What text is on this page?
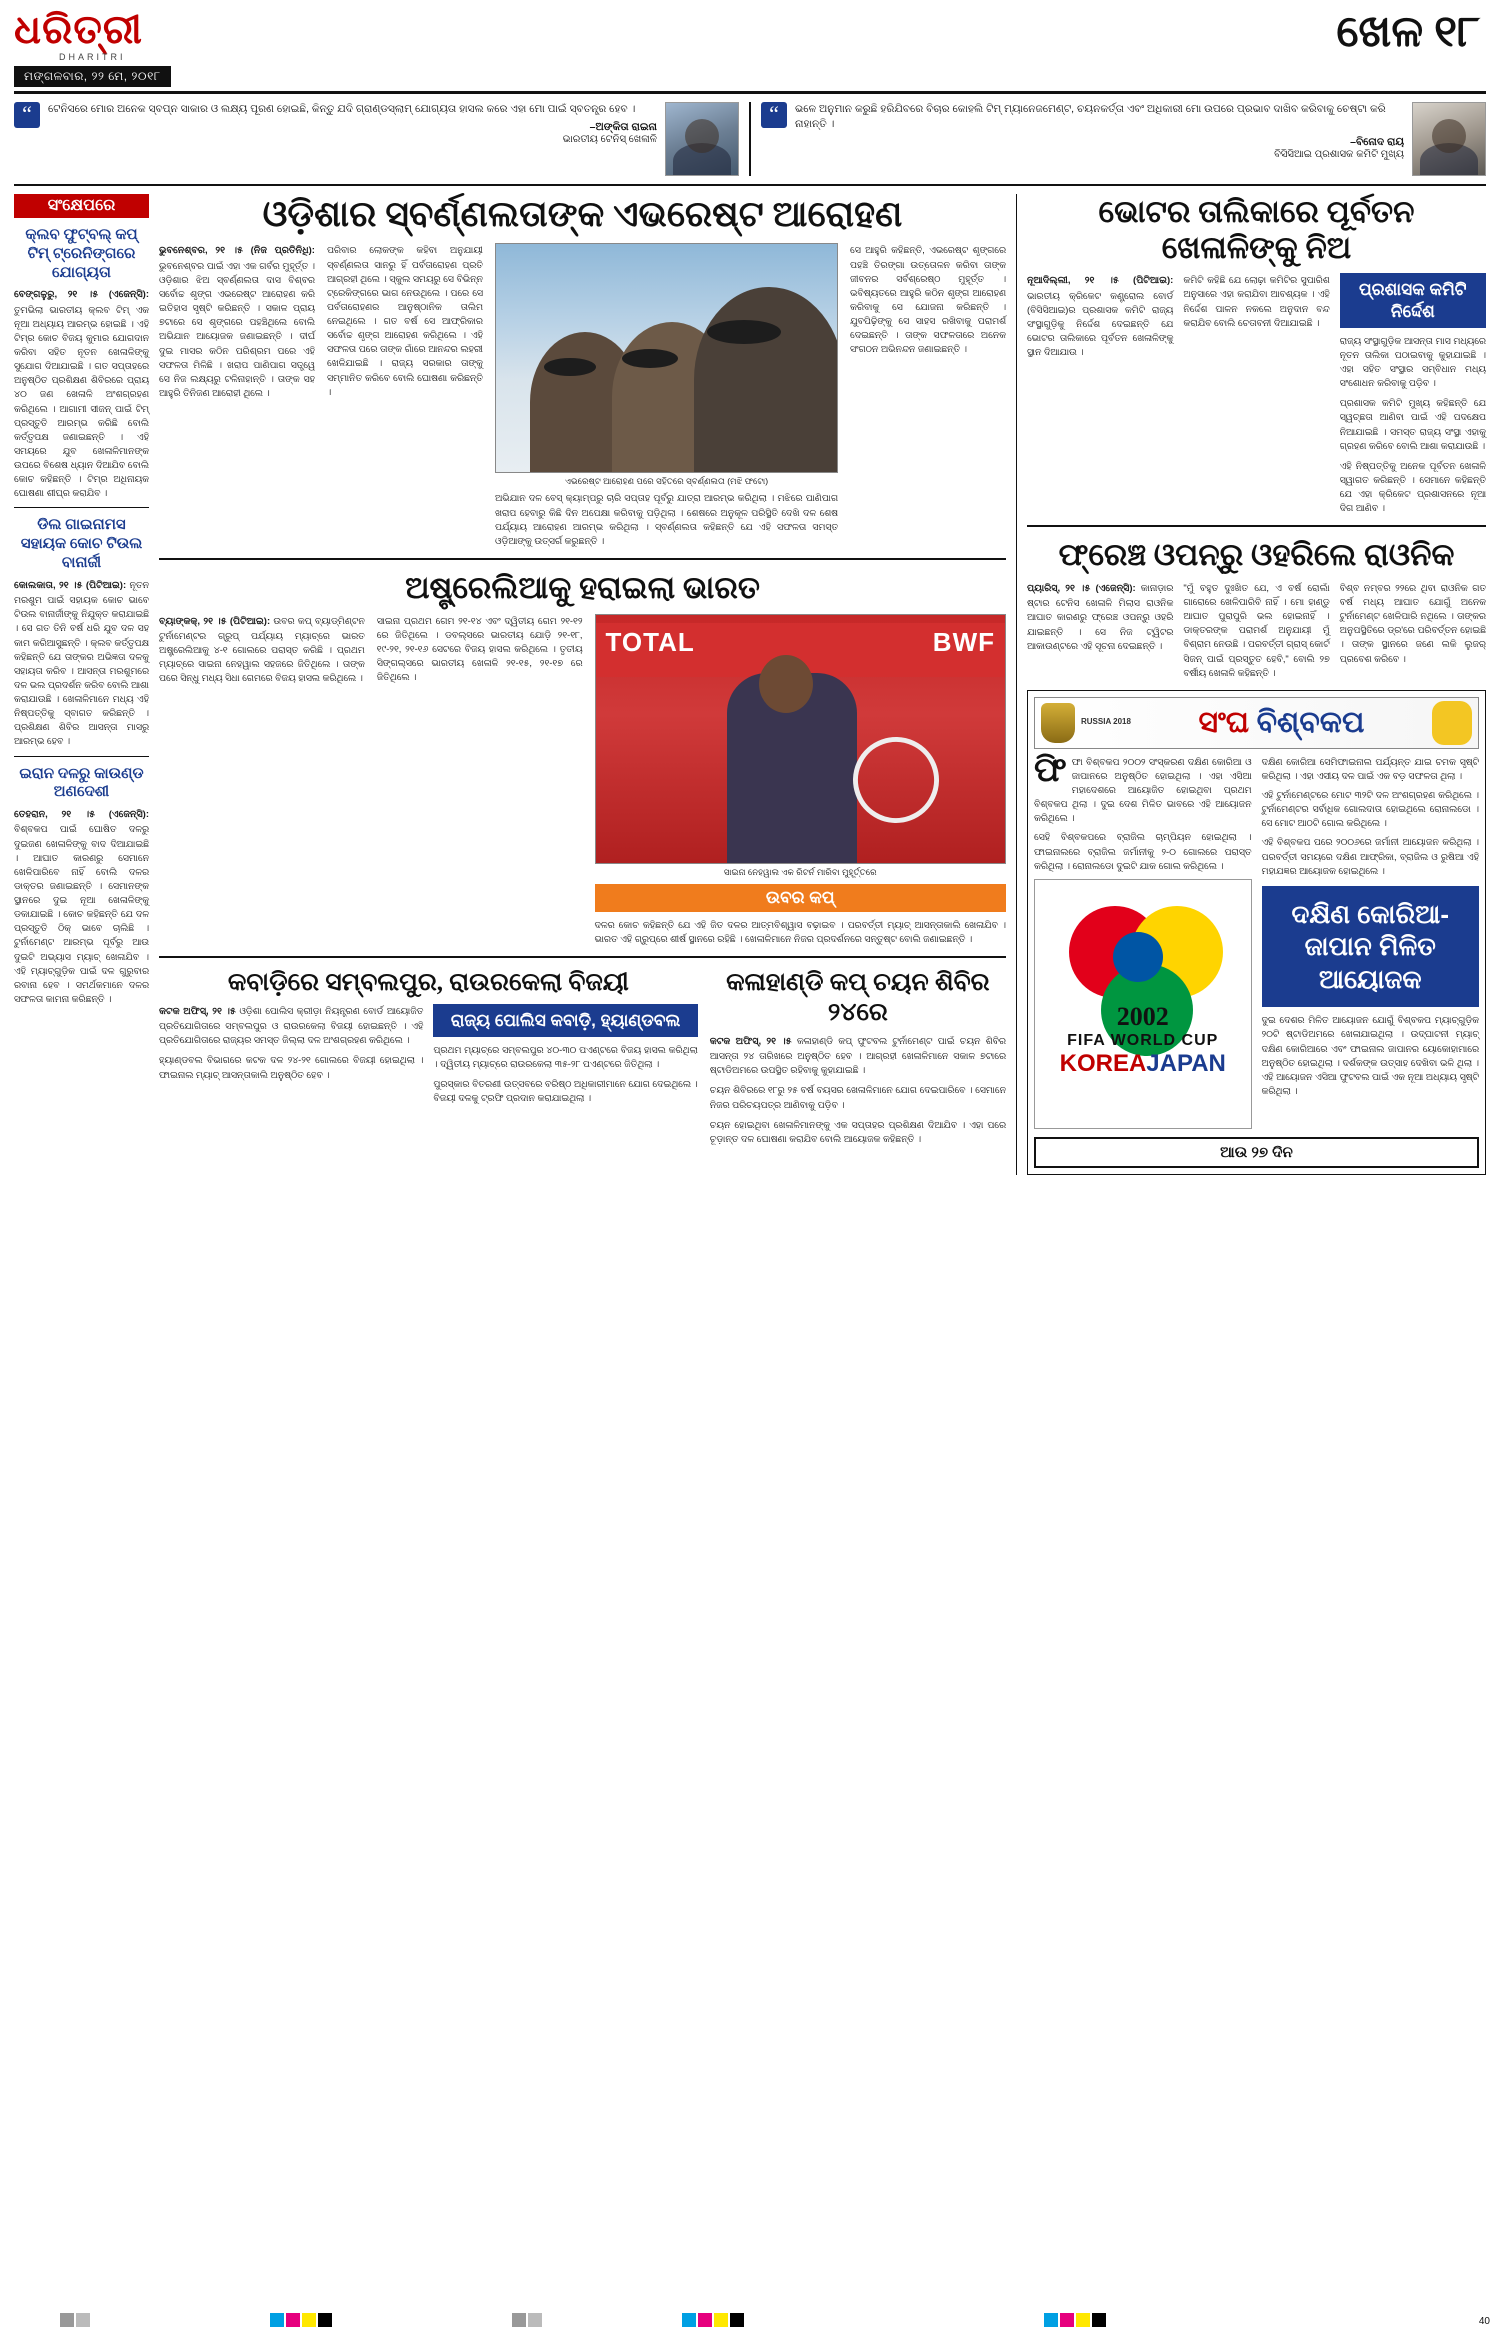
ଧରିତ୍ରୀ
DHARITRI
ମଙ୍ଗଳବାର, ୨୨ ମେ, ୨୦୧୮
ଖେଳ ୧୮
“	ଟେନିସରେ ମୋର ଅନେକ ସ୍ବପ୍ନ ସାକାର ଓ ଲକ୍ଷ୍ୟ ପୂରଣ ହୋଇଛି, କିନ୍ତୁ ଯଦି ଗ୍ରାଣ୍ଡସ୍ଲାମ୍ ଯୋଗ୍ୟତା ହାସଲ କରେ ଏହା ମୋ ପାଇଁ ସ୍ବତନ୍ତ୍ର ହେବ ।
–ଅଙ୍କିତା ରାଇନା
ଭାରତୀୟ ଟେନିସ୍ ଖେଳାଳି
“	ଭଳେ ଅନୁମାନ କରୁଛି ହରିଯିବରେ ବିଚାର କୋହଲି ଟିମ୍ ମ୍ୟାନେଜମେଣ୍ଟ, ଚୟନକର୍ତ୍ତା ଏବଂ ଅଧିକାରୀ ମୋ ଉପରେ ପ୍ରଭାବ ଦାଖିବ କରିବାକୁ ଚେଷ୍ଟା କରି ନାହାନ୍ତି ।
–ବିନୋଦ ରାୟ
ବିସିସିଆଇ ପ୍ରଶାସକ କମିଟି ମୁଖ୍ୟ
ସଂକ୍ଷେପରେ
କ୍ଲବ ଫୁଟ୍‌ବଲ୍‌ କପ୍‌ ଟିମ୍‌ ଟ୍ରେନିଙ୍ଗରେ ଯୋଗ୍ୟତା
ବେଙ୍ଗଳୁରୁ, ୨୧ ।୫ (ଏଜେନ୍ସି): ତୁମଭିଲା ଭାରତୀୟ କ୍ଲବ ଟିମ୍‌ ଏକ ନୂଆ ଅଧ୍ୟାୟ ଆରମ୍ଭ ହୋଇଛି । ଏହି ଟିମ୍‌ର କୋଚ ବିଜୟ କୁମାର ଯୋଗଦାନ କରିବା ସହିତ ନୂତନ ଖେଳାଳିଙ୍କୁ ସୁଯୋଗ ଦିଆଯାଇଛି । ଗତ ସପ୍ତାହରେ ଅନୁଷ୍ଠିତ ପ୍ରଶିକ୍ଷଣ ଶିବିରରେ ପ୍ରାୟ ୪୦ ଜଣ ଖେଳାଳି ଅଂଶଗ୍ରହଣ କରିଥିଲେ । ଆଗାମୀ ସୀଜନ୍ ପାଇଁ ଟିମ୍‌ ପ୍ରସ୍ତୁତି ଆରମ୍ଭ କରିଛି ବୋଲି କର୍ତ୍ତୃପକ୍ଷ ଜଣାଇଛନ୍ତି । ଏହି ସମୟରେ ଯୁବ ଖେଳାଳିମାନଙ୍କ ଉପରେ ବିଶେଷ ଧ୍ୟାନ ଦିଆଯିବ ବୋଲି କୋଚ କହିଛନ୍ତି । ଟିମ୍‌ର ଅଧିନାୟକ ଘୋଷଣା ଶୀଘ୍ର କରାଯିବ ।
ଡିଲ ଗାଇନାମସ ସହାୟକ କୋଚ ଟିଉଲ ବାନାର୍ଜୀ
କୋଲକାତା, ୨୧ ।୫ (ପିଟିଆଇ): ନୂତନ ମରଶୁମ ପାଇଁ ସହାୟକ କୋଚ ଭାବେ ଟିଉଲ ବାନାର୍ଜୀଙ୍କୁ ନିଯୁକ୍ତ କରାଯାଇଛି । ସେ ଗତ ତିନି ବର୍ଷ ଧରି ଯୁବ ଦଳ ସହ କାମ କରିଆସୁଛନ୍ତି । କ୍ଲବ କର୍ତ୍ତୃପକ୍ଷ କହିଛନ୍ତି ଯେ ତାଙ୍କର ଅଭିଜ୍ଞତା ଦଳକୁ ସହାୟତା କରିବ । ଆସନ୍ତା ମରଶୁମରେ ଦଳ ଭଲ ପ୍ରଦର୍ଶନ କରିବ ବୋଲି ଆଶା କରାଯାଉଛି । ଖେଳାଳିମାନେ ମଧ୍ୟ ଏହି ନିଷ୍ପତ୍ତିକୁ ସ୍ବାଗତ କରିଛନ୍ତି । ପ୍ରଶିକ୍ଷଣ ଶିବିର ଆସନ୍ତା ମାସରୁ ଆରମ୍ଭ ହେବ ।
ଇରାନ ଦଳରୁ କାଉଣ୍ଡ ଅଣଦେଶୀ
ତେହରାନ, ୨୧ ।୫ (ଏଜେନ୍ସି): ବିଶ୍ବକପ ପାଇଁ ଘୋଷିତ ଦଳରୁ ଦୁଇଜଣ ଖେଳାଳିଙ୍କୁ ବାଦ ଦିଆଯାଇଛି । ଆଘାତ କାରଣରୁ ସେମାନେ ଖେଳିପାରିବେ ନାହିଁ ବୋଲି ଦଳର ଡାକ୍ତର ଜଣାଇଛନ୍ତି । ସେମାନଙ୍କ ସ୍ଥାନରେ ଦୁଇ ନୂଆ ଖେଳାଳିଙ୍କୁ ଡକାଯାଇଛି । କୋଚ କହିଛନ୍ତି ଯେ ଦଳ ପ୍ରସ୍ତୁତି ଠିକ୍ ଭାବେ ଚାଲିଛି । ଟୁର୍ନାମେଣ୍ଟ ଆରମ୍ଭ ପୂର୍ବରୁ ଆଉ ଦୁଇଟି ଅଭ୍ୟାସ ମ୍ୟାଚ୍ ଖେଳାଯିବ । ଏହି ମ୍ୟାଚ୍‌ଗୁଡ଼ିକ ପାଇଁ ଦଳ ଗୁରୁବାର ରବାନା ହେବ । ସମର୍ଥକମାନେ ଦଳର ସଫଳତା କାମନା କରିଛନ୍ତି ।
ଓଡ଼ିଶାର ସ୍ବର୍ଣ୍ଣଲତାଙ୍କ ଏଭରେଷ୍ଟ ଆରୋହଣ
ଭୁବନେଶ୍ବର, ୨୧ ।୫ (ନିଜ ପ୍ରତିନିଧି): ଭୁବନେଶ୍ବର ପାଇଁ ଏହା ଏକ ଗର୍ବର ମୁହୂର୍ତ୍ତ । ଓଡ଼ିଶାର ଝିଅ ସ୍ବର୍ଣ୍ଣଲତା ଦାସ ବିଶ୍ବର ସର୍ବୋଚ୍ଚ ଶୃଙ୍ଗ ଏଭରେଷ୍ଟ ଆରୋହଣ କରି ଇତିହାସ ସୃଷ୍ଟି କରିଛନ୍ତି । ସକାଳ ପ୍ରାୟ ୭ଟାରେ ସେ ଶୃଙ୍ଗରେ ପହଞ୍ଚିଥିଲେ ବୋଲି ଅଭିଯାନ ଆୟୋଜକ ଜଣାଇଛନ୍ତି । ଦୀର୍ଘ ଦୁଇ ମାସର କଠିନ ପରିଶ୍ରମ ପରେ ଏହି ସଫଳତା ମିଳିଛି । ଖରାପ ପାଣିପାଗ ସତ୍ତ୍ୱେ ସେ ନିଜ ଲକ୍ଷ୍ୟରୁ ଟଳିନାହାନ୍ତି । ତାଙ୍କ ସହ ଆହୁରି ତିନିଜଣ ଆରୋହୀ ଥିଲେ ।
ପରିବାର ଲୋକଙ୍କ କହିବା ଅନୁଯାୟୀ ସ୍ବର୍ଣ୍ଣଲତା ସାନରୁ ହିଁ ପର୍ବତାରୋହଣ ପ୍ରତି ଆଗ୍ରହୀ ଥିଲେ । ସ୍କୁଲ ସମୟରୁ ସେ ବିଭିନ୍ନ ଟ୍ରେକିଙ୍ଗରେ ଭାଗ ନେଉଥିଲେ । ପରେ ସେ ପର୍ବତାରୋହଣର ଆନୁଷ୍ଠାନିକ ତାଲିମ ନେଇଥିଲେ । ଗତ ବର୍ଷ ସେ ଆଫ୍ରିକାର ସର୍ବୋଚ୍ଚ ଶୃଙ୍ଗ ଆରୋହଣ କରିଥିଲେ । ଏହି ସଫଳତା ପରେ ତାଙ୍କ ଗାଁରେ ଆନନ୍ଦର ଲହରୀ ଖେଳିଯାଇଛି । ରାଜ୍ୟ ସରକାର ତାଙ୍କୁ ସମ୍ମାନିତ କରିବେ ବୋଲି ଘୋଷଣା କରିଛନ୍ତି ।
ଏଭରେଷ୍ଟ ଆରୋହଣ ପରେ ସହିତରେ ସ୍ବର୍ଣ୍ଣଲତା (ମଝି ଫଟୋ)
ଅଭିଯାନ ଦଳ ବେସ୍ କ୍ୟାମ୍ପରୁ ଚାରି ସପ୍ତାହ ପୂର୍ବରୁ ଯାତ୍ରା ଆରମ୍ଭ କରିଥିଲା । ମଝିରେ ପାଣିପାଗ ଖରାପ ହେବାରୁ କିଛି ଦିନ ଅପେକ୍ଷା କରିବାକୁ ପଡ଼ିଥିଲା । ଶେଷରେ ଅନୁକୂଳ ପରିସ୍ଥିତି ଦେଖି ଦଳ ଶେଷ ପର୍ଯ୍ୟାୟ ଆରୋହଣ ଆରମ୍ଭ କରିଥିଲା । ସ୍ବର୍ଣ୍ଣଲତା କହିଛନ୍ତି ଯେ ଏହି ସଫଳତା ସମସ୍ତ ଓଡ଼ିଆଙ୍କୁ ଉତ୍ସର୍ଗ କରୁଛନ୍ତି ।
ସେ ଆହୁରି କହିଛନ୍ତି, ଏଭରେଷ୍ଟ ଶୃଙ୍ଗରେ ପହଞ୍ଚି ତିରଙ୍ଗା ଉତ୍ତୋଳନ କରିବା ତାଙ୍କ ଜୀବନର ସର୍ବଶ୍ରେଷ୍ଠ ମୁହୂର୍ତ୍ତ । ଭବିଷ୍ୟତରେ ଆହୁରି କଠିନ ଶୃଙ୍ଗ ଆରୋହଣ କରିବାକୁ ସେ ଯୋଜନା କରିଛନ୍ତି । ଯୁବପିଢ଼ିଙ୍କୁ ସେ ସାହସ ରଖିବାକୁ ପରାମର୍ଶ ଦେଇଛନ୍ତି । ତାଙ୍କ ସଫଳତାରେ ଅନେକ ସଂଗଠନ ଅଭିନନ୍ଦନ ଜଣାଇଛନ୍ତି ।
ଅଷ୍ଟ୍ରେଲିଆକୁ ହରାଇଲା ଭାରତ
ବ୍ୟାଙ୍କକ୍, ୨୧ ।୫ (ପିଟିଆଇ): ଉବର କପ୍ ବ୍ୟାଡ୍‌ମିଣ୍ଟନ ଟୁର୍ନାମେଣ୍ଟର ଗ୍ରୁପ୍ ପର୍ଯ୍ୟାୟ ମ୍ୟାଚ୍‌ରେ ଭାରତ ଅଷ୍ଟ୍ରେଲିଆକୁ ୪-୧ ଗୋଲରେ ପରାସ୍ତ କରିଛି । ପ୍ରଥମ ମ୍ୟାଚ୍‌ରେ ସାଇନା ନେହୱାଲ ସହଜରେ ଜିତିଥିଲେ । ତାଙ୍କ ପରେ ସିନ୍ଧୁ ମଧ୍ୟ ସିଧା ଗେମରେ ବିଜୟ ହାସଲ କରିଥିଲେ ।
ସାଇନା ପ୍ରଥମ ଗେମ ୨୧-୧୪ ଏବଂ ଦ୍ୱିତୀୟ ଗେମ ୨୧-୧୨ ରେ ଜିତିଥିଲେ । ଡବଲ୍ସରେ ଭାରତୀୟ ଯୋଡ଼ି ୨୧-୧୮, ୧୯-୨୧, ୨୧-୧୬ ସେଟରେ ବିଜୟ ହାସଲ କରିଥିଲେ । ତୃତୀୟ ସିଙ୍ଗଲ୍ସରେ ଭାରତୀୟ ଖେଳାଳି ୨୧-୧୫, ୨୧-୧୭ ରେ ଜିତିଥିଲେ ।
TOTAL	BWF
ସାଇନା ନେହୱାଲ ଏକ ରିଟର୍ନ ମାରିବା ମୁହୂର୍ତ୍ତରେ
ଉବର କପ୍
ଦଳର କୋଚ କହିଛନ୍ତି ଯେ ଏହି ଜିତ ଦଳର ଆତ୍ମବିଶ୍ୱାସ ବଢ଼ାଇବ । ପରବର୍ତ୍ତୀ ମ୍ୟାଚ୍ ଆସନ୍ତାକାଲି ଖେଳାଯିବ । ଭାରତ ଏହି ଗ୍ରୁପ୍‌ରେ ଶୀର୍ଷ ସ୍ଥାନରେ ରହିଛି । ଖେଳାଳିମାନେ ନିଜର ପ୍ରଦର୍ଶନରେ ସନ୍ତୁଷ୍ଟ ବୋଲି ଜଣାଇଛନ୍ତି ।
କବାଡ଼ିରେ ସମ୍ବଲପୁର, ରାଉରକେଲା ବିଜୟୀ
କଟକ ଅଫିସ୍, ୨୧ ।୫ ଓଡ଼ିଶା ପୋଲିସ କ୍ରୀଡ଼ା ନିୟନ୍ତ୍ରଣ ବୋର୍ଡ ଆୟୋଜିତ ପ୍ରତିଯୋଗିତାରେ ସମ୍ବଲପୁର ଓ ରାଉରକେଲା ବିଜୟୀ ହୋଇଛନ୍ତି । ଏହି ପ୍ରତିଯୋଗିତାରେ ରାଜ୍ୟର ସମସ୍ତ ଜିଲ୍ଲା ଦଳ ଅଂଶଗ୍ରହଣ କରିଥିଲେ ।
ହ୍ୟାଣ୍ଡବଲ ବିଭାଗରେ କଟକ ଦଳ ୨୪-୨୧ ଗୋଲରେ ବିଜୟୀ ହୋଇଥିଲା । ଫାଇନାଲ ମ୍ୟାଚ୍ ଆସନ୍ତାକାଲି ଅନୁଷ୍ଠିତ ହେବ ।
ରାଜ୍ୟ ପୋଲିସ କବାଡ଼ି, ହ୍ୟାଣ୍ଡବଲ
ପ୍ରଥମ ମ୍ୟାଚ୍‌ରେ ସମ୍ବଲପୁର ୪୦-୩୦ ପଏଣ୍ଟରେ ବିଜୟ ହାସଲ କରିଥିଲା । ଦ୍ୱିତୀୟ ମ୍ୟାଚ୍‌ରେ ରାଉରକେଲା ୩୫-୨୮ ପଏଣ୍ଟରେ ଜିତିଥିଲା ।
ପୁରସ୍କାର ବିତରଣୀ ଉତ୍ସବରେ ବରିଷ୍ଠ ଅଧିକାରୀମାନେ ଯୋଗ ଦେଇଥିଲେ । ବିଜୟୀ ଦଳକୁ ଟ୍ରଫି ପ୍ରଦାନ କରାଯାଇଥିଲା ।
କଳାହାଣ୍ଡି କପ୍ ଚୟନ ଶିବିର ୨୪ରେ
କଟକ ଅଫିସ୍, ୨୧ ।୫ କଳାହାଣ୍ଡି କପ୍ ଫୁଟବଲ ଟୁର୍ନାମେଣ୍ଟ ପାଇଁ ଚୟନ ଶିବିର ଆସନ୍ତା ୨୪ ତାରିଖରେ ଅନୁଷ୍ଠିତ ହେବ । ଆଗ୍ରହୀ ଖେଳାଳିମାନେ ସକାଳ ୭ଟାରେ ଷ୍ଟାଡିଅମରେ ଉପସ୍ଥିତ ରହିବାକୁ କୁହାଯାଇଛି ।
ଚୟନ ଶିବିରରେ ୧୮ରୁ ୨୫ ବର୍ଷ ବୟସର ଖେଳାଳିମାନେ ଯୋଗ ଦେଇପାରିବେ । ସେମାନେ ନିଜର ପରିଚୟପତ୍ର ଆଣିବାକୁ ପଡ଼ିବ ।
ଚୟନ ହୋଇଥିବା ଖେଳାଳିମାନଙ୍କୁ ଏକ ସପ୍ତାହର ପ୍ରଶିକ୍ଷଣ ଦିଆଯିବ । ଏହା ପରେ ଚୂଡ଼ାନ୍ତ ଦଳ ଘୋଷଣା କରାଯିବ ବୋଲି ଆୟୋଜକ କହିଛନ୍ତି ।
ଭୋଟର ତାଲିକାରେ ପୂର୍ବତନ ଖେଳାଳିଙ୍କୁ ନିଅ
ନୂଆଦିଲ୍ଲୀ, ୨୧ ।୫ (ପିଟିଆଇ): ଭାରତୀୟ କ୍ରିକେଟ କଣ୍ଟ୍ରୋଲ ବୋର୍ଡ (ବିସିସିଆଇ)ର ପ୍ରଶାସକ କମିଟି ରାଜ୍ୟ ସଂସ୍ଥାଗୁଡ଼ିକୁ ନିର୍ଦ୍ଦେଶ ଦେଇଛନ୍ତି ଯେ ଭୋଟର ତାଲିକାରେ ପୂର୍ବତନ ଖେଳାଳିଙ୍କୁ ସ୍ଥାନ ଦିଆଯାଉ ।
କମିଟି କହିଛି ଯେ ଲୋଢ଼ା କମିଟିର ସୁପାରିଶ ଅନୁସାରେ ଏହା କରାଯିବା ଆବଶ୍ୟକ । ଏହି ନିର୍ଦ୍ଦେଶ ପାଳନ ନକଲେ ଅନୁଦାନ ବନ୍ଦ କରାଯିବ ବୋଲି ଚେତାବନୀ ଦିଆଯାଇଛି ।
ପ୍ରଶାସକ କମିଟି ନିର୍ଦ୍ଦେଶ
ରାଜ୍ୟ ସଂସ୍ଥାଗୁଡ଼ିକ ଆସନ୍ତା ମାସ ମଧ୍ୟରେ ନୂତନ ତାଲିକା ପଠାଇବାକୁ କୁହାଯାଇଛି । ଏହା ସହିତ ସଂସ୍ଥାର ସମ୍ବିଧାନ ମଧ୍ୟ ସଂଶୋଧନ କରିବାକୁ ପଡ଼ିବ ।
ପ୍ରଶାସକ କମିଟି ମୁଖ୍ୟ କହିଛନ୍ତି ଯେ ସ୍ୱଚ୍ଛତା ଆଣିବା ପାଇଁ ଏହି ପଦକ୍ଷେପ ନିଆଯାଇଛି । ସମସ୍ତ ରାଜ୍ୟ ସଂସ୍ଥା ଏହାକୁ ଗ୍ରହଣ କରିବେ ବୋଲି ଆଶା କରାଯାଉଛି ।
ଏହି ନିଷ୍ପତ୍ତିକୁ ଅନେକ ପୂର୍ବତନ ଖେଳାଳି ସ୍ୱାଗତ କରିଛନ୍ତି । ସେମାନେ କହିଛନ୍ତି ଯେ ଏହା କ୍ରିକେଟ ପ୍ରଶାସନରେ ନୂଆ ଦିଗ ଆଣିବ ।
ଫ୍ରେଞ୍ଚ ଓପନ୍‌ରୁ ଓହରିଲେ ରାଓନିକ
ପ୍ୟାରିସ୍, ୨୧ ।୫ (ଏଜେନ୍ସି): କାନାଡ଼ାର ଷ୍ଟାର ଟେନିସ ଖେଳାଳି ମିଲାସ ରାଓନିକ ଆଘାତ କାରଣରୁ ଫ୍ରେଞ୍ଚ ଓପନ୍‌ରୁ ଓହରି ଯାଇଛନ୍ତି । ସେ ନିଜ ଟ୍ୱିଟର ଆକାଉଣ୍ଟରେ ଏହି ସୂଚନା ଦେଇଛନ୍ତି ।
"ମୁଁ ବହୁତ ଦୁଃଖିତ ଯେ, ଏ ବର୍ଷ ରୋଲାଁ ଗାରୋରେ ଖେଳିପାରିବି ନାହିଁ । ମୋ ହାଣ୍ଡୁ ଆଘାତ ପୁରାପୁରି ଭଲ ହୋଇନାହିଁ । ଡାକ୍ତରଙ୍କ ପରାମର୍ଶ ଅନୁଯାୟୀ ମୁଁ ବିଶ୍ରାମ ନେଉଛି । ପରବର୍ତ୍ତୀ ଗ୍ରାସ୍ କୋର୍ଟ ସିଜନ୍ ପାଇଁ ପ୍ରସ୍ତୁତ ହେବି," ବୋଲି ୨୭ ବର୍ଷୀୟ ଖେଳାଳି କହିଛନ୍ତି ।
ବିଶ୍ବ ନମ୍ବର ୨୨ରେ ଥିବା ରାଓନିକ ଗତ ବର୍ଷ ମଧ୍ୟ ଆଘାତ ଯୋଗୁଁ ଅନେକ ଟୁର୍ନାମେଣ୍ଟ ଖେଳିପାରି ନଥିଲେ । ତାଙ୍କର ଅନୁପସ୍ଥିତିରେ ଡ୍ର'ରେ ପରିବର୍ତ୍ତନ ହୋଇଛି । ତାଙ୍କ ସ୍ଥାନରେ ଜଣେ ଲକି ଲୁଜର୍ ପ୍ରବେଶ କରିବେ ।
RUSSIA 2018 ସଂଘ ବିଶ୍ବକପ
ଫିଫା ବିଶ୍ବକପ ୨୦୦୨ ସଂସ୍କରଣ ଦକ୍ଷିଣ କୋରିଆ ଓ ଜାପାନରେ ଅନୁଷ୍ଠିତ ହୋଇଥିଲା । ଏହା ଏସିଆ ମହାଦେଶରେ ଆୟୋଜିତ ହୋଇଥିବା ପ୍ରଥମ ବିଶ୍ବକପ ଥିଲା । ଦୁଇ ଦେଶ ମିଳିତ ଭାବରେ ଏହି ଆୟୋଜନ କରିଥିଲେ ।
ସେହି ବିଶ୍ବକପରେ ବ୍ରାଜିଲ ଚାମ୍ପିୟନ ହୋଇଥିଲା । ଫାଇନାଲରେ ବ୍ରାଜିଲ ଜର୍ମାନୀକୁ ୨-୦ ଗୋଲରେ ପରାସ୍ତ କରିଥିଲା । ରୋନାଲଡୋ ଦୁଇଟି ଯାକ ଗୋଲ କରିଥିଲେ ।
2002
FIFA WORLD CUP
KOREAJAPAN
ଦକ୍ଷିଣ କୋରିଆ ସେମିଫାଇନାଲ ପର୍ଯ୍ୟନ୍ତ ଯାଇ ଚମକ ସୃଷ୍ଟି କରିଥିଲା । ଏହା ଏସୀୟ ଦଳ ପାଇଁ ଏକ ବଡ଼ ସଫଳତା ଥିଲା ।
ଏହି ଟୁର୍ନାମେଣ୍ଟରେ ମୋଟ ୩୨ଟି ଦଳ ଅଂଶଗ୍ରହଣ କରିଥିଲେ । ଟୁର୍ନାମେଣ୍ଟର ସର୍ବାଧିକ ଗୋଲଦାତା ହୋଇଥିଲେ ରୋନାଲଡୋ । ସେ ମୋଟ ଆଠଟି ଗୋଲ କରିଥିଲେ ।
ଏହି ବିଶ୍ବକପ ପରେ ୨୦୦୬ରେ ଜର୍ମାନୀ ଆୟୋଜନ କରିଥିଲା । ପରବର୍ତ୍ତୀ ସମୟରେ ଦକ୍ଷିଣ ଆଫ୍ରିକା, ବ୍ରାଜିଲ ଓ ରୁଷିଆ ଏହି ମହାଯଜ୍ଞର ଆୟୋଜକ ହୋଇଥିଲେ ।
ଦକ୍ଷିଣ କୋରିଆ-ଜାପାନ ମିଳିତ ଆୟୋଜକ
ଦୁଇ ଦେଶର ମିଳିତ ଆୟୋଜନ ଯୋଗୁଁ ବିଶ୍ବକପ ମ୍ୟାଚ୍‌ଗୁଡ଼ିକ ୨୦ଟି ଷ୍ଟାଡିଅମରେ ଖେଳାଯାଇଥିଲା । ଉଦ୍‌ଘାଟନୀ ମ୍ୟାଚ୍ ଦକ୍ଷିଣ କୋରିଆରେ ଏବଂ ଫାଇନାଲ ଜାପାନର ୟୋକୋହାମାରେ ଅନୁଷ୍ଠିତ ହୋଇଥିଲା । ଦର୍ଶକଙ୍କ ଉତ୍ସାହ ଦେଖିବା ଭଳି ଥିଲା । ଏହି ଆୟୋଜନ ଏସିଆ ଫୁଟବଲ ପାଇଁ ଏକ ନୂଆ ଅଧ୍ୟାୟ ସୃଷ୍ଟି କରିଥିଲା ।
ଆଉ ୨୭ ଦିନ
40
